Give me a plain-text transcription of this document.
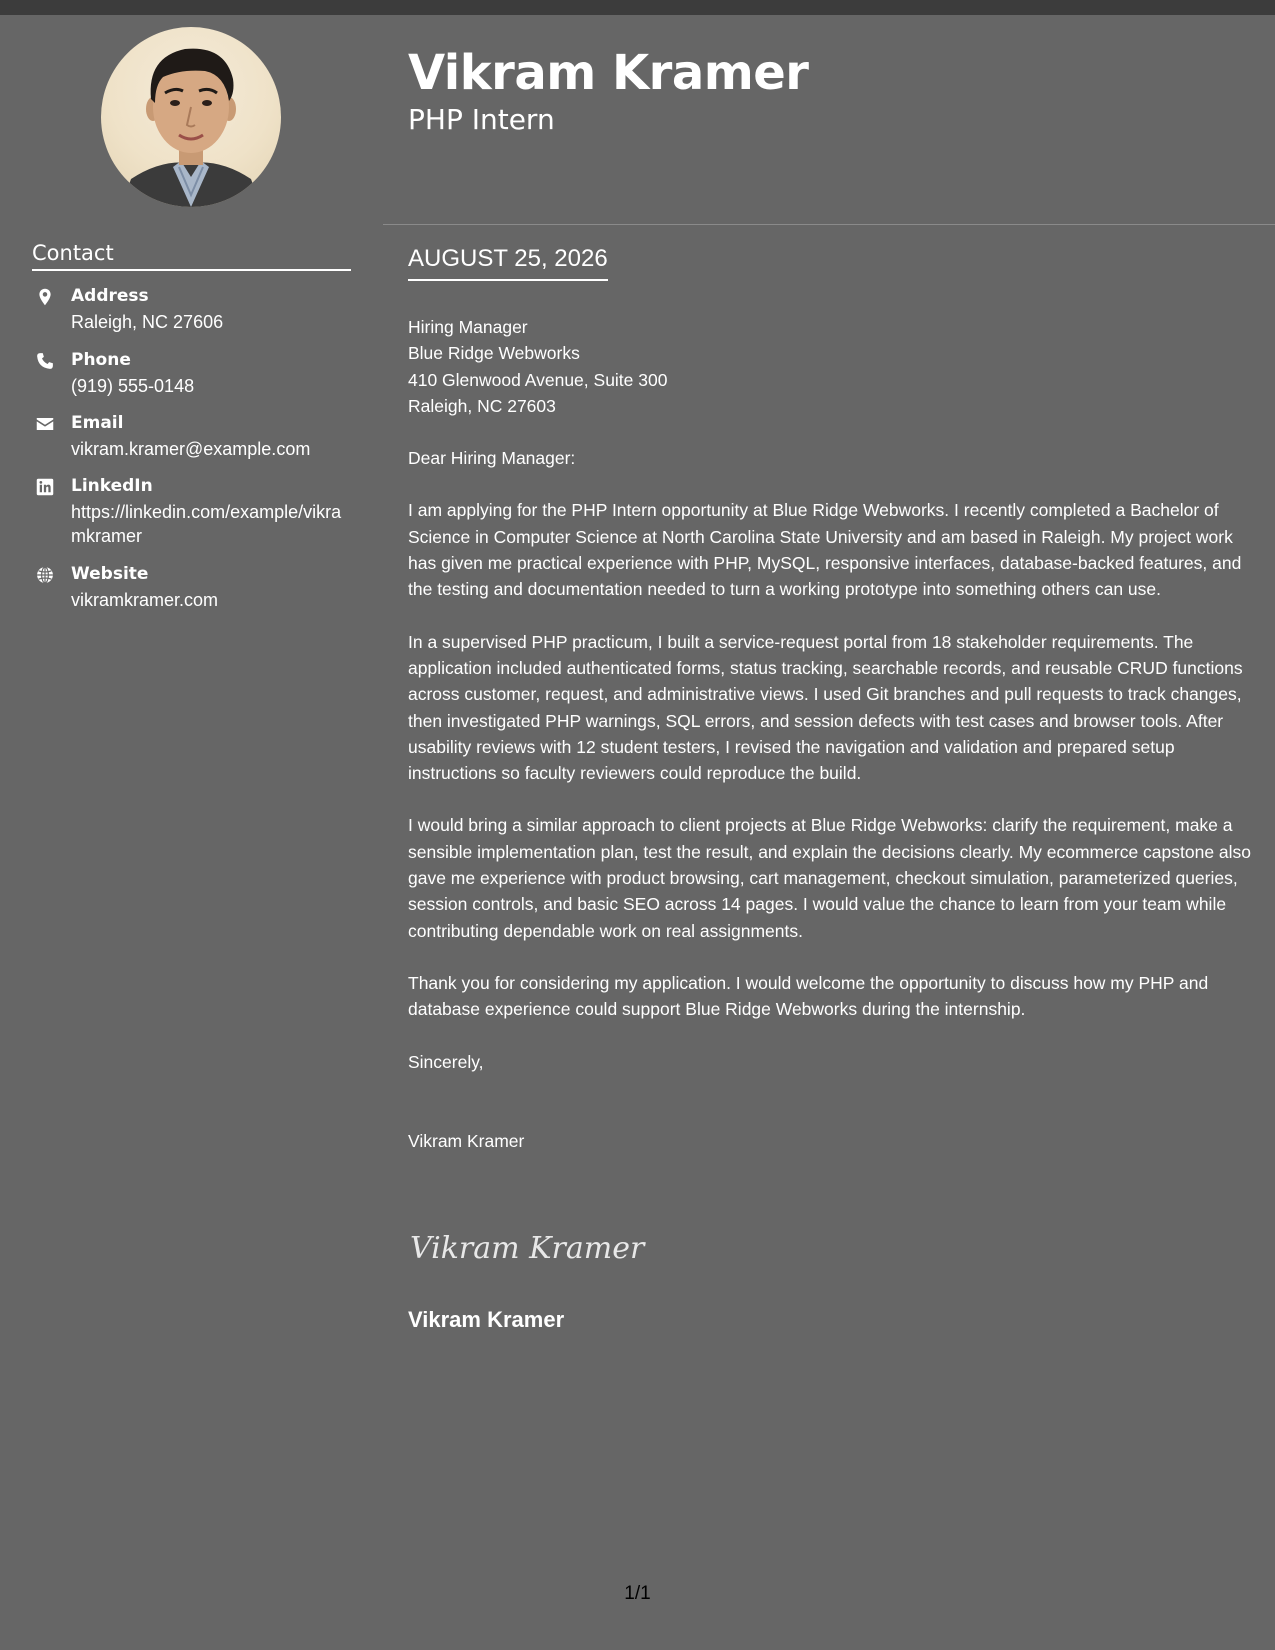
Vikram Kramer
PHP Intern
Contact
Address
Raleigh, NC 27606
Phone
(919) 555-0148
Email
vikram.kramer@example.com
LinkedIn
https://linkedin.com/example/vikramkramer
Website
vikramkramer.com
AUGUST 25, 2026

Hiring Manager
Blue Ridge Webworks
410 Glenwood Avenue, Suite 300
Raleigh, NC 27603

Dear Hiring Manager:

I am applying for the PHP Intern opportunity at Blue Ridge Webworks. I recently completed a Bachelor of Science in Computer Science at North Carolina State University and am based in Raleigh. My project work has given me practical experience with PHP, MySQL, responsive interfaces, database-backed features, and the testing and documentation needed to turn a working prototype into something others can use.

In a supervised PHP practicum, I built a service-request portal from 18 stakeholder requirements. The application included authenticated forms, status tracking, searchable records, and reusable CRUD functions across customer, request, and administrative views. I used Git branches and pull requests to track changes, then investigated PHP warnings, SQL errors, and session defects with test cases and browser tools. After usability reviews with 12 student testers, I revised the navigation and validation and prepared setup instructions so faculty reviewers could reproduce the build.

I would bring a similar approach to client projects at Blue Ridge Webworks: clarify the requirement, make a sensible implementation plan, test the result, and explain the decisions clearly. My ecommerce capstone also gave me experience with product browsing, cart management, checkout simulation, parameterized queries, session controls, and basic SEO across 14 pages. I would value the chance to learn from your team while contributing dependable work on real assignments.

Thank you for considering my application. I would welcome the opportunity to discuss how my PHP and database experience could support Blue Ridge Webworks during the internship.

Sincerely,

Vikram Kramer

Vikram Kramer
Vikram Kramer
1/1
